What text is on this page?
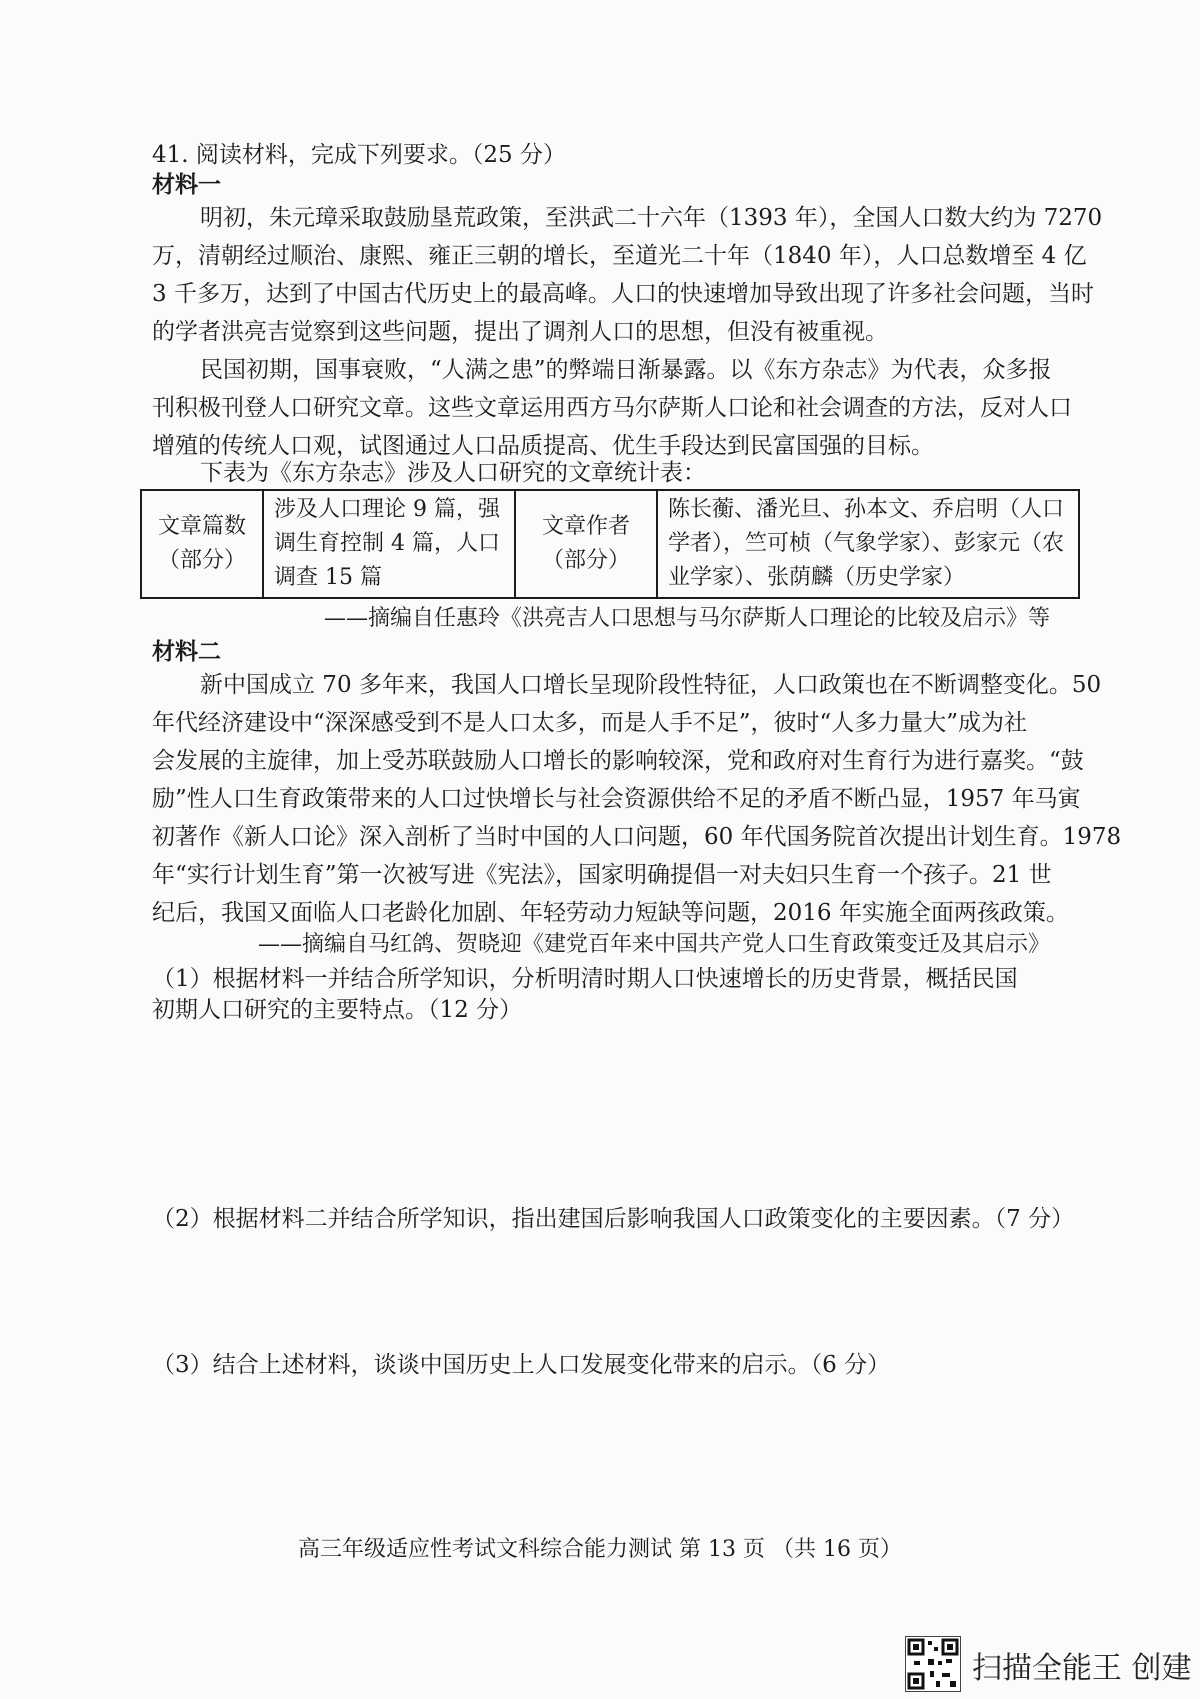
41. 阅读材料，完成下列要求。（25 分）
材料一
明初，朱元璋采取鼓励垦荒政策，至洪武二十六年（1393 年），全国人口数大约为 7270
万，清朝经过顺治、康熙、雍正三朝的增长，至道光二十年（1840 年），人口总数增至 4 亿
3 千多万，达到了中国古代历史上的最高峰。人口的快速增加导致出现了许多社会问题，当时
的学者洪亮吉觉察到这些问题，提出了调剂人口的思想，但没有被重视。
民国初期，国事衰败，“人满之患”的弊端日渐暴露。以《东方杂志》为代表，众多报
刊积极刊登人口研究文章。这些文章运用西方马尔萨斯人口论和社会调查的方法，反对人口
增殖的传统人口观，试图通过人口品质提高、优生手段达到民富国强的目标。
下表为《东方杂志》涉及人口研究的文章统计表：
文章篇数
（部分）

涉及人口理论 9 篇，强
调生育控制 4 篇，人口
调查 15 篇

文章作者
（部分）

陈长蘅、潘光旦、孙本文、乔启明（人口
学者），竺可桢（气象学家）、彭家元（农
业学家）、张荫麟（历史学家）
——摘编自任惠玲《洪亮吉人口思想与马尔萨斯人口理论的比较及启示》等
材料二
新中国成立 70 多年来，我国人口增长呈现阶段性特征，人口政策也在不断调整变化。50
年代经济建设中“深深感受到不是人口太多，而是人手不足”，彼时“人多力量大”成为社
会发展的主旋律，加上受苏联鼓励人口增长的影响较深，党和政府对生育行为进行嘉奖。“鼓
励”性人口生育政策带来的人口过快增长与社会资源供给不足的矛盾不断凸显，1957 年马寅
初著作《新人口论》深入剖析了当时中国的人口问题，60 年代国务院首次提出计划生育。1978
年“实行计划生育”第一次被写进《宪法》，国家明确提倡一对夫妇只生育一个孩子。21 世
纪后，我国又面临人口老龄化加剧、年轻劳动力短缺等问题，2016 年实施全面两孩政策。
——摘编自马红鸽、贺晓迎《建党百年来中国共产党人口生育政策变迁及其启示》
（1）根据材料一并结合所学知识，分析明清时期人口快速增长的历史背景，概括民国
初期人口研究的主要特点。（12 分）
（2）根据材料二并结合所学知识，指出建国后影响我国人口政策变化的主要因素。（7 分）
（3）结合上述材料，谈谈中国历史上人口发展变化带来的启示。（6 分）
高三年级适应性考试文科综合能力测试 第 13 页 （共 16 页）
扫描全能王 创建
